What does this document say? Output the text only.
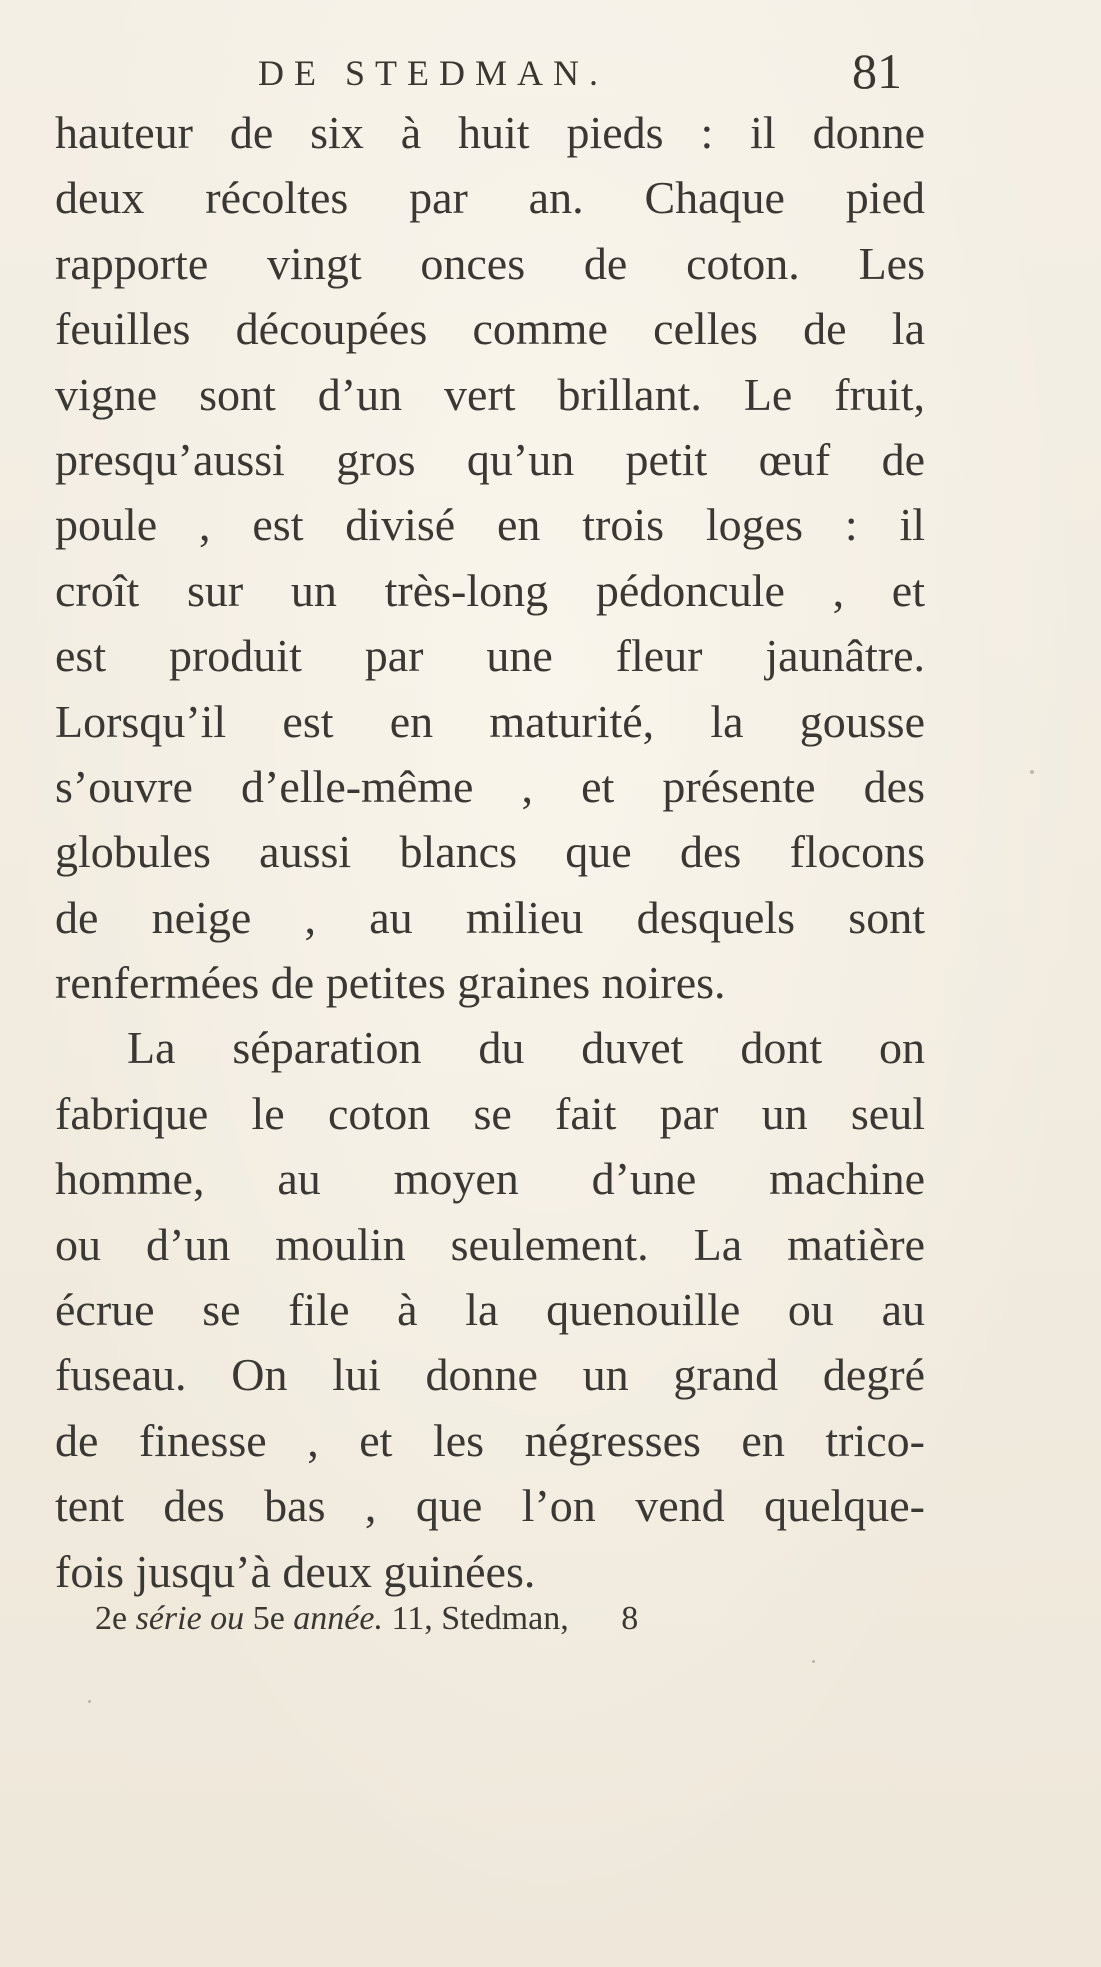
DE STEDMAN.	81
hauteur de six à huit pieds : il donne
deux récoltes par an. Chaque pied
rapporte vingt onces de coton. Les
feuilles découpées comme celles de la
vigne sont d’un vert brillant. Le fruit,
presqu’aussi gros qu’un petit œuf de
poule , est divisé en trois loges : il
croît sur un très-long pédoncule , et
est produit par une fleur jaunâtre.
Lorsqu’il est en maturité, la gousse
s’ouvre d’elle-même , et présente des
globules aussi blancs que des flocons
de neige , au milieu desquels sont
renfermées de petites graines noires.
La séparation du duvet dont on
fabrique le coton se fait par un seul
homme, au moyen d’une machine
ou d’un moulin seulement. La matière
écrue se file à la quenouille ou au
fuseau. On lui donne un grand degré
de finesse , et les négresses en trico-
tent des bas , que l’on vend quelque-
fois jusqu’à deux guinées.
2e série ou 5e année. 11, Stedman, 8
